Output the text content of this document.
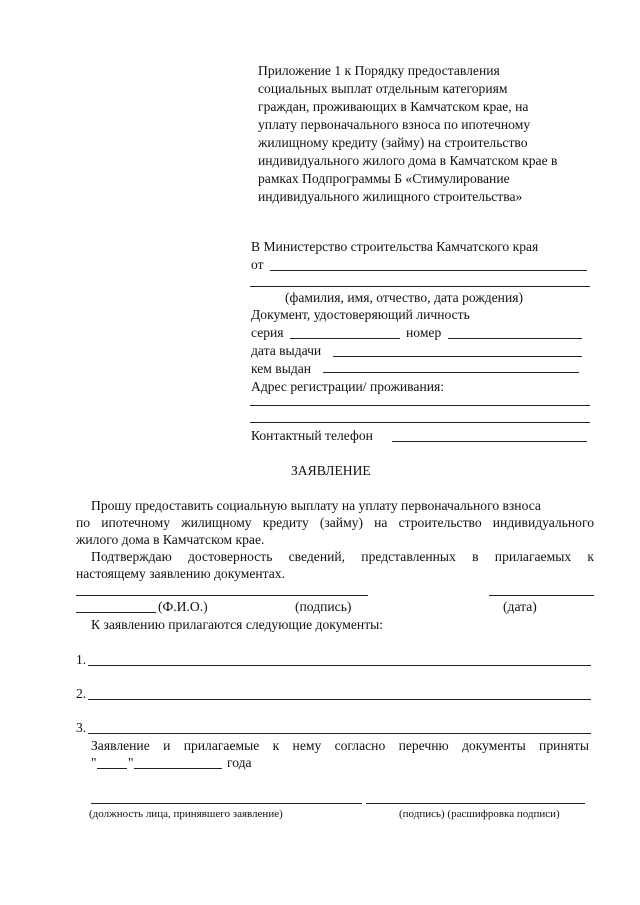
Приложение 1 к Порядку предоставления
социальных выплат отдельным категориям
граждан, проживающих в Камчатском крае, на
уплату первоначального взноса по ипотечному
жилищному кредиту (займу) на строительство
индивидуального жилого дома в Камчатском крае в
рамках Подпрограммы Б «Стимулирование
индивидуального жилищного строительства»
В Министерство строительства Камчатского края
от
(фамилия, имя, отчество, дата рождения)
Документ, удостоверяющий личность
серия	номер
дата выдачи
кем выдан
Адрес регистрации/ проживания:
Контактный телефон
ЗАЯВЛЕНИЕ
Прошу предоставить социальную выплату на уплату первоначального взноса
по ипотечному жилищному кредиту (займу) на строительство индивидуального
жилого дома в Камчатском крае.
Подтверждаю достоверность сведений, представленных в прилагаемых к
настоящему заявлению документах.
(Ф.И.О.)	(подпись)	(дата)
К заявлению прилагаются следующие документы:
1.
2.
3.
Заявление и прилагаемые к нему согласно перечню документы приняты
" "	года
(должность лица, принявшего заявление)	(подпись) (расшифровка подписи)
